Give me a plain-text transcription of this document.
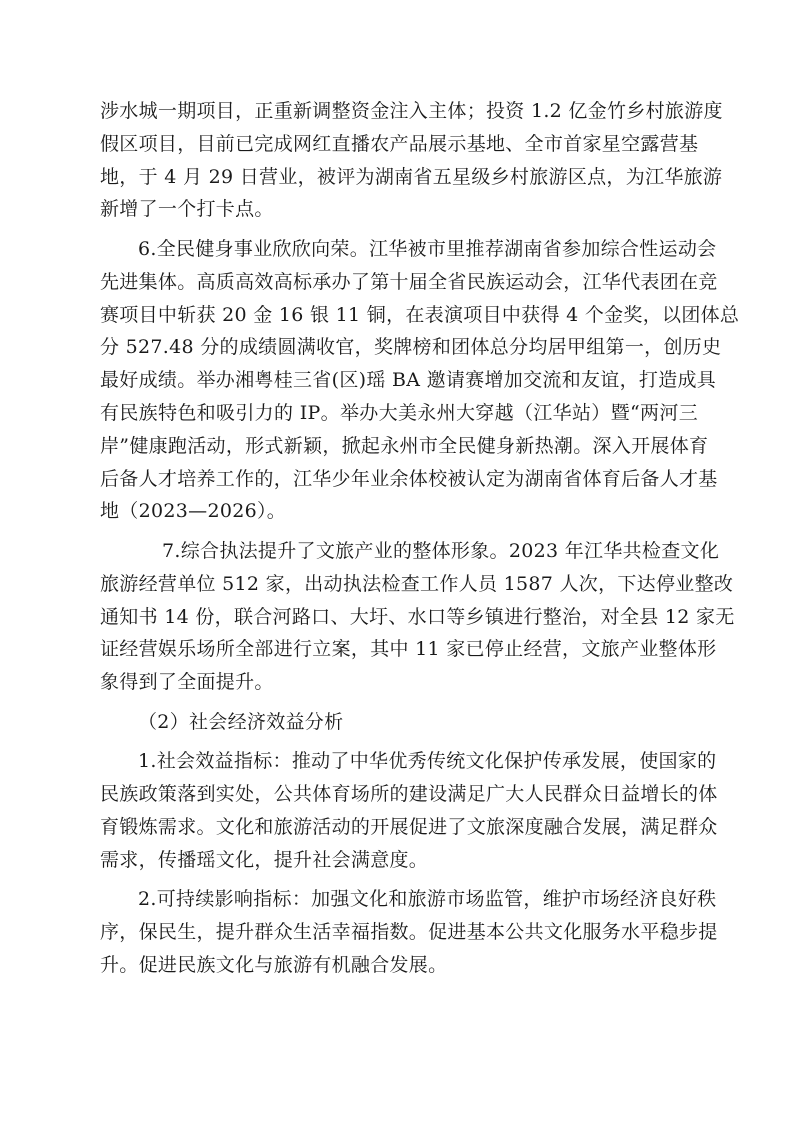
涉水城一期项目，正重新调整资金注入主体；投资 1.2 亿金竹乡村旅游度
假区项目，目前已完成网红直播农产品展示基地、全市首家星空露营基
地，于 4 月 29 日营业，被评为湖南省五星级乡村旅游区点，为江华旅游
新增了一个打卡点。
6.全民健身事业欣欣向荣。江华被市里推荐湖南省参加综合性运动会
先进集体。高质高效高标承办了第十届全省民族运动会，江华代表团在竞
赛项目中斩获 20 金 16 银 11 铜，在表演项目中获得 4 个金奖，以团体总
分 527.48 分的成绩圆满收官，奖牌榜和团体总分均居甲组第一，创历史
最好成绩。举办湘粤桂三省(区)瑶 BA 邀请赛增加交流和友谊，打造成具
有民族特色和吸引力的 IP。举办大美永州大穿越（江华站）暨“两河三
岸”健康跑活动，形式新颖，掀起永州市全民健身新热潮。深入开展体育
后备人才培养工作的，江华少年业余体校被认定为湖南省体育后备人才基
地（2023—2026）。
7.综合执法提升了文旅产业的整体形象。2023 年江华共检查文化
旅游经营单位 512 家，出动执法检查工作人员 1587 人次，下达停业整改
通知书 14 份，联合河路口、大圩、水口等乡镇进行整治，对全县 12 家无
证经营娱乐场所全部进行立案，其中 11 家已停止经营，文旅产业整体形
象得到了全面提升。
（2）社会经济效益分析
1.社会效益指标：推动了中华优秀传统文化保护传承发展，使国家的
民族政策落到实处，公共体育场所的建设满足广大人民群众日益增长的体
育锻炼需求。文化和旅游活动的开展促进了文旅深度融合发展，满足群众
需求，传播瑶文化，提升社会满意度。
2.可持续影响指标：加强文化和旅游市场监管，维护市场经济良好秩
序，保民生，提升群众生活幸福指数。促进基本公共文化服务水平稳步提
升。促进民族文化与旅游有机融合发展。
